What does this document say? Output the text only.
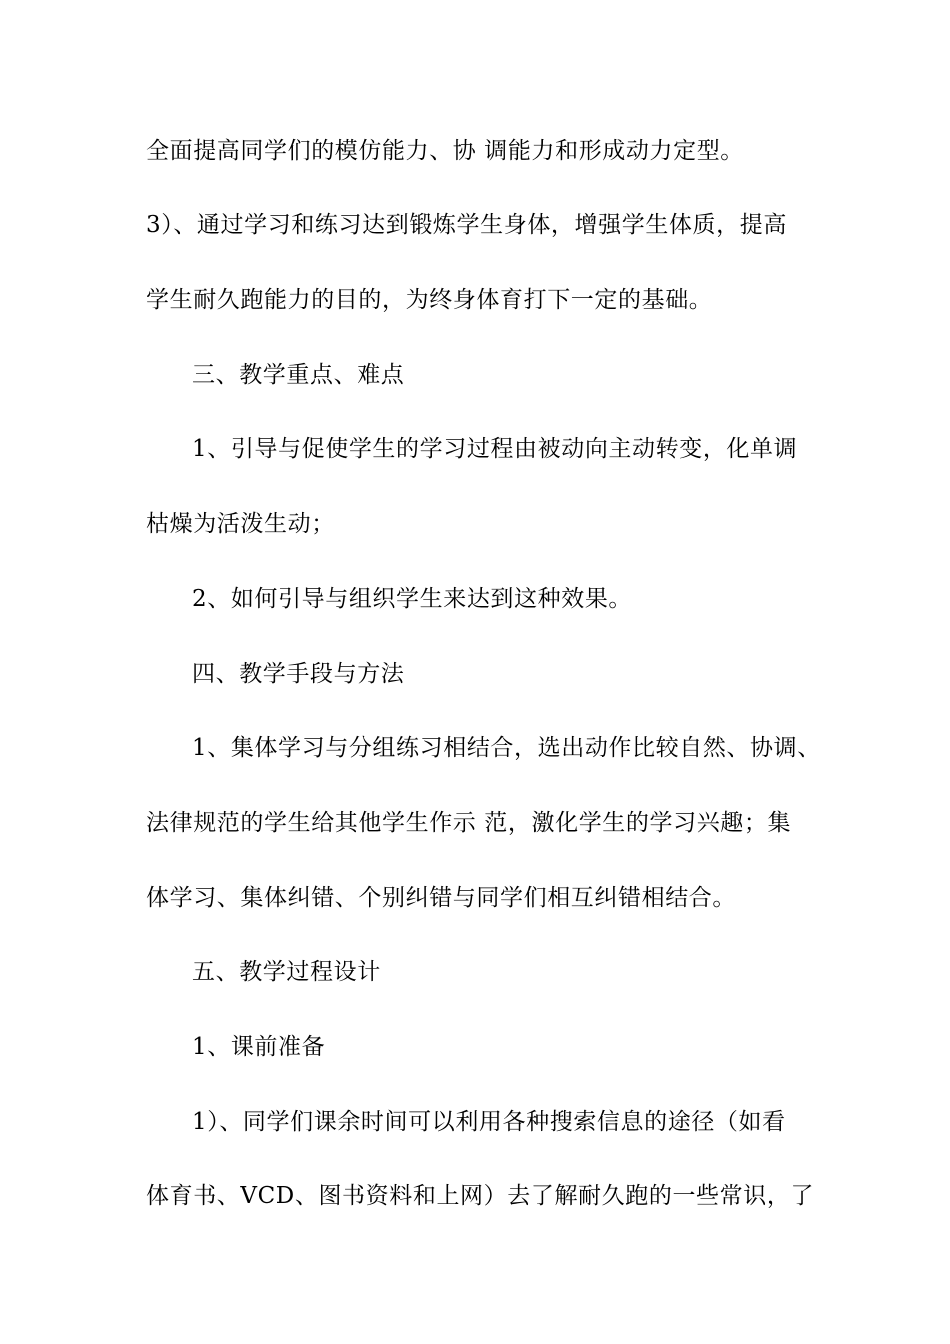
全面提高同学们的模仿能力、协 调能力和形成动力定型。
3）、通过学习和练习达到锻炼学生身体，增强学生体质，提高
学生耐久跑能力的目的，为终身体育打下一定的基础。
三、教学重点、难点
1、引导与促使学生的学习过程由被动向主动转变，化单调
枯燥为活泼生动；
2、如何引导与组织学生来达到这种效果。
四、教学手段与方法
1、集体学习与分组练习相结合，选出动作比较自然、协调、
法律规范的学生给其他学生作示 范，激化学生的学习兴趣；集
体学习、集体纠错、个别纠错与同学们相互纠错相结合。
五、教学过程设计
1、课前准备
1）、同学们课余时间可以利用各种搜索信息的途径（如看
体育书、VCD、图书资料和上网）去了解耐久跑的一些常识，了
